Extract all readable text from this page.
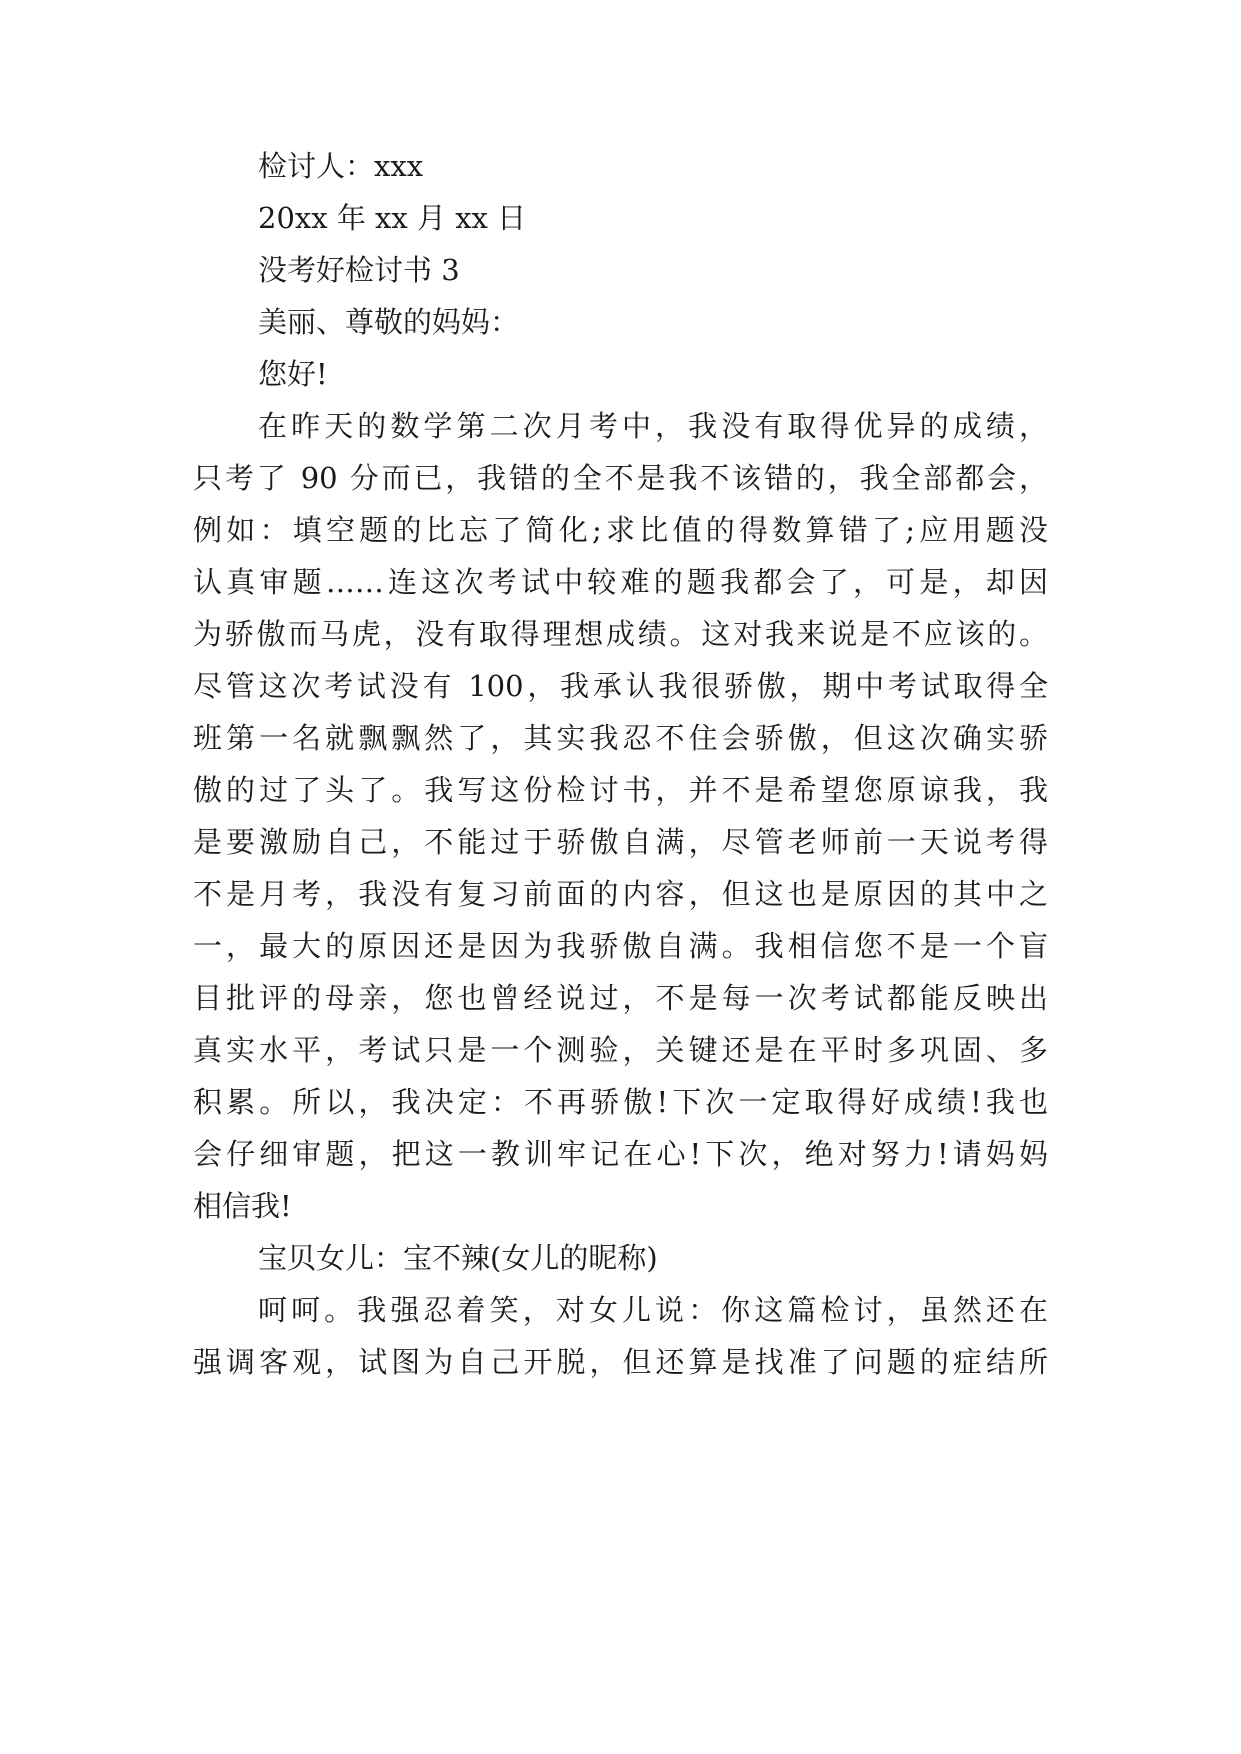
检讨人：xxx
20xx 年 xx 月 xx 日
没考好检讨书 3
美丽、尊敬的妈妈：
您好!
在昨天的数学第二次月考中，我没有取得优异的成绩，
只考了 90 分而已，我错的全不是我不该错的，我全部都会，
例如：填空题的比忘了简化;求比值的得数算错了;应用题没
认真审题……连这次考试中较难的题我都会了，可是，却因
为骄傲而马虎，没有取得理想成绩。这对我来说是不应该的。
尽管这次考试没有 100，我承认我很骄傲，期中考试取得全
班第一名就飘飘然了，其实我忍不住会骄傲，但这次确实骄
傲的过了头了。我写这份检讨书，并不是希望您原谅我，我
是要激励自己，不能过于骄傲自满，尽管老师前一天说考得
不是月考，我没有复习前面的内容，但这也是原因的其中之
一，最大的原因还是因为我骄傲自满。我相信您不是一个盲
目批评的母亲，您也曾经说过，不是每一次考试都能反映出
真实水平，考试只是一个测验，关键还是在平时多巩固、多
积累。所以，我决定：不再骄傲!下次一定取得好成绩!我也
会仔细审题，把这一教训牢记在心!下次，绝对努力!请妈妈
相信我!
宝贝女儿：宝不辣(女儿的昵称)
呵呵。我强忍着笑，对女儿说：你这篇检讨，虽然还在
强调客观，试图为自己开脱，但还算是找准了问题的症结所
